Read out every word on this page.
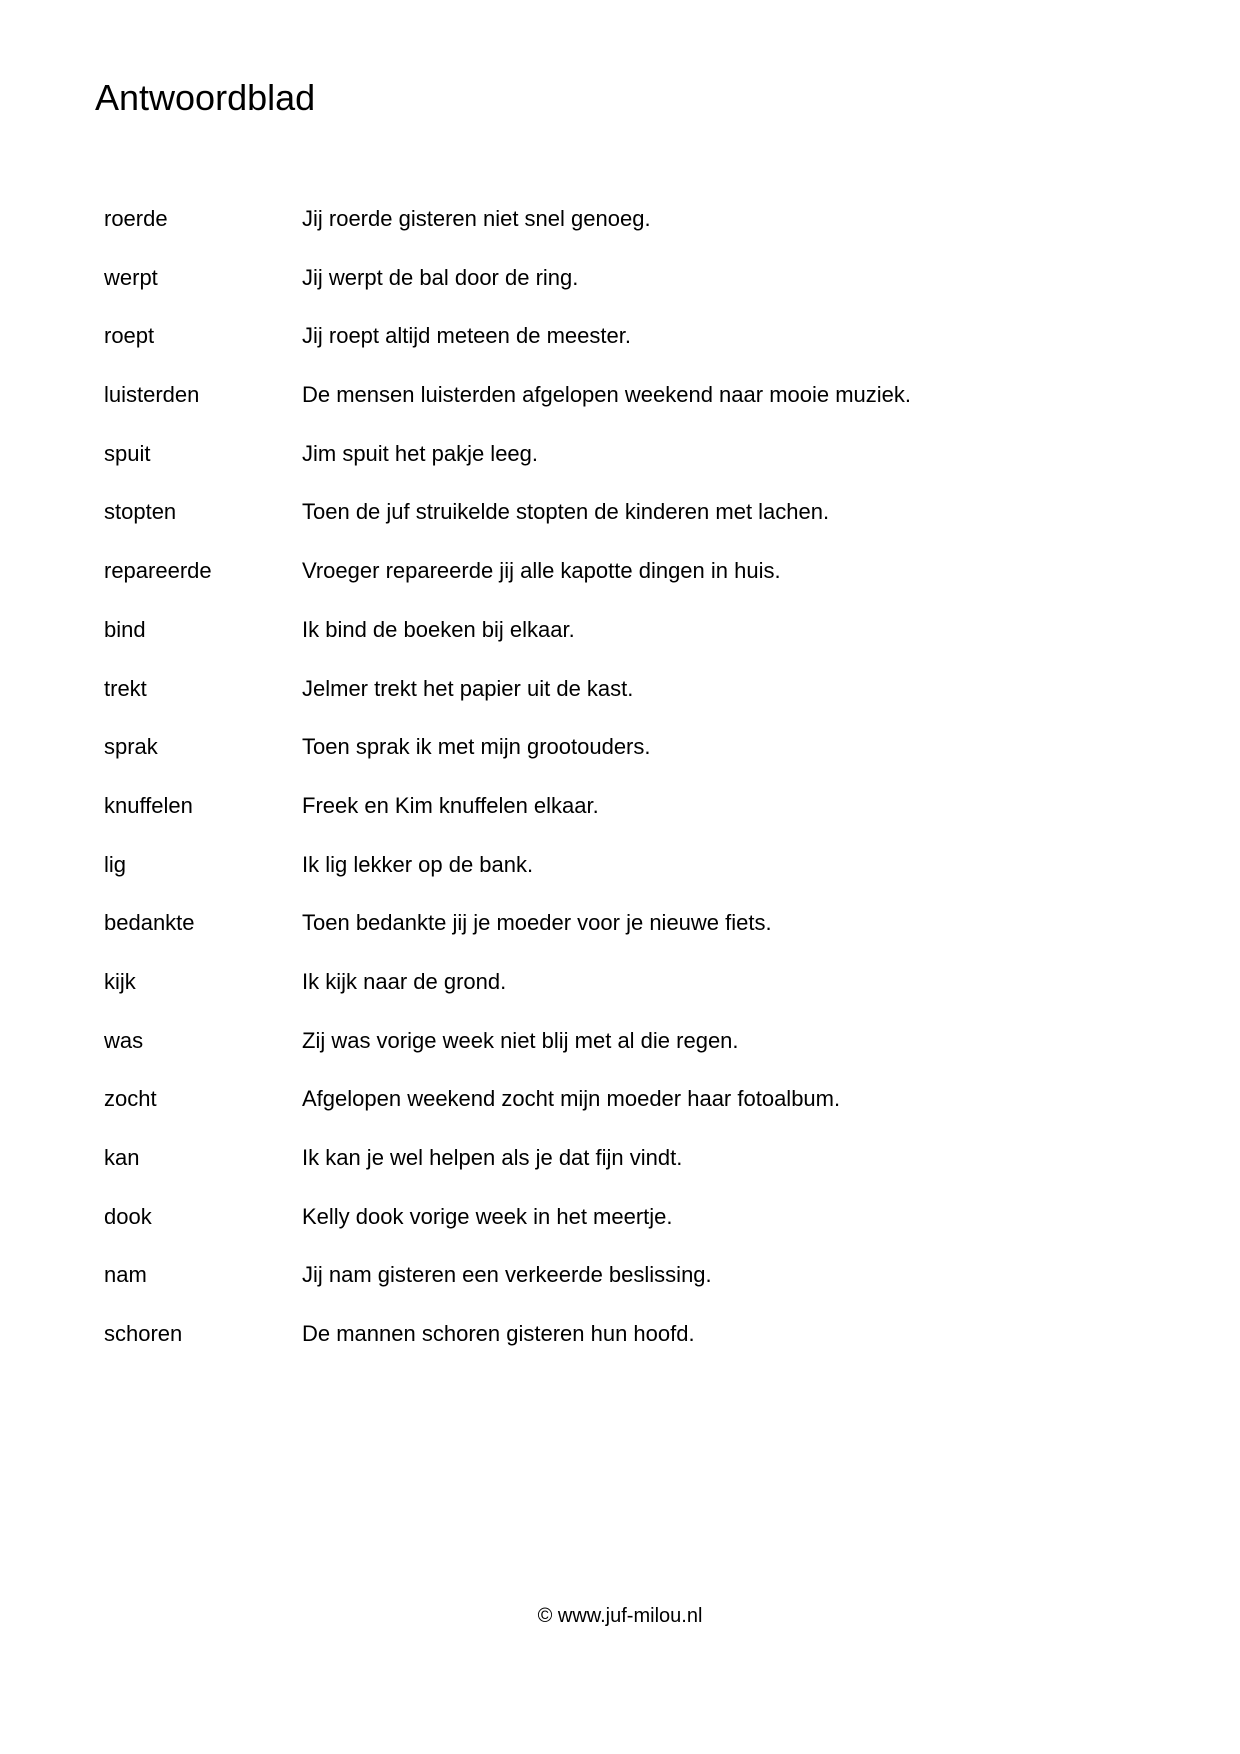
Antwoordblad
roerde	Jij roerde gisteren niet snel genoeg.
werpt	Jij werpt de bal door de ring.
roept	Jij roept altijd meteen de meester.
luisterden	De mensen luisterden afgelopen weekend naar mooie muziek.
spuit	Jim spuit het pakje leeg.
stopten	Toen de juf struikelde stopten de kinderen met lachen.
repareerde	Vroeger repareerde jij alle kapotte dingen in huis.
bind	Ik bind de boeken bij elkaar.
trekt	Jelmer trekt het papier uit de kast.
sprak	Toen sprak ik met mijn grootouders.
knuffelen	Freek en Kim knuffelen elkaar.
lig	Ik lig lekker op de bank.
bedankte	Toen bedankte jij je moeder voor je nieuwe fiets.
kijk	Ik kijk naar de grond.
was	Zij was vorige week niet blij met al die regen.
zocht	Afgelopen weekend zocht mijn moeder haar fotoalbum.
kan	Ik kan je wel helpen als je dat fijn vindt.
dook	Kelly dook vorige week in het meertje.
nam	Jij nam gisteren een verkeerde beslissing.
schoren	De mannen schoren gisteren hun hoofd.
© www.juf-milou.nl
